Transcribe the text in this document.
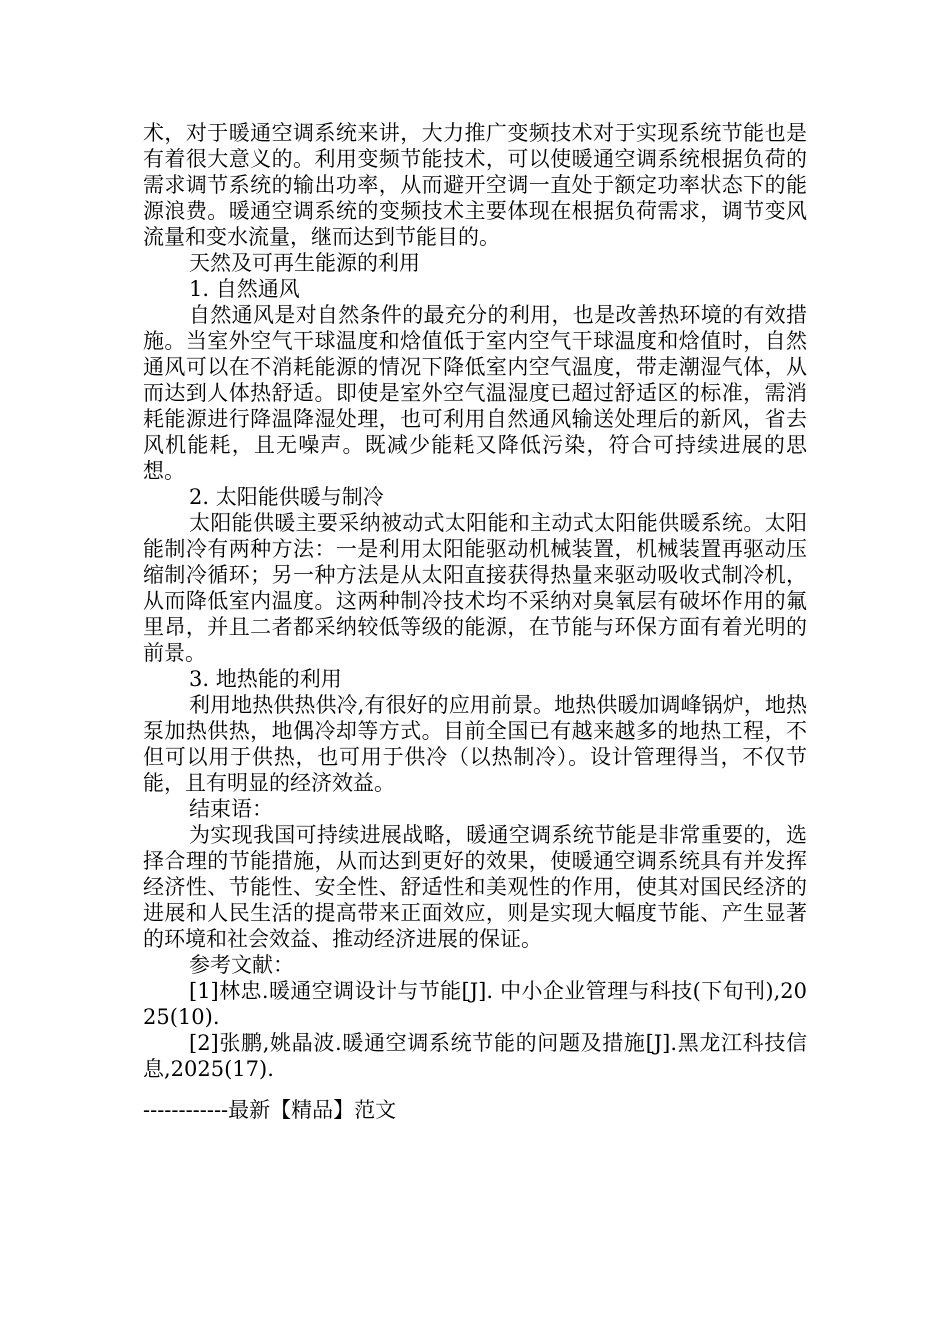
术，对于暖通空调系统来讲，大力推广变频技术对于实现系统节能也是有着很大意义的。利用变频节能技术，可以使暖通空调系统根据负荷的需求调节系统的输出功率，从而避开空调一直处于额定功率状态下的能源浪费。暖通空调系统的变频技术主要体现在根据负荷需求，调节变风流量和变水流量，继而达到节能目的。

天然及可再生能源的利用

1. 自然通风

自然通风是对自然条件的最充分的利用，也是改善热环境的有效措施。当室外空气干球温度和焓值低于室内空气干球温度和焓值时，自然通风可以在不消耗能源的情况下降低室内空气温度，带走潮湿气体，从而达到人体热舒适。即使是室外空气温湿度已超过舒适区的标准，需消耗能源进行降温降湿处理，也可利用自然通风输送处理后的新风，省去风机能耗，且无噪声。既减少能耗又降低污染，符合可持续进展的思想。

2. 太阳能供暖与制冷

太阳能供暖主要采纳被动式太阳能和主动式太阳能供暖系统。太阳能制冷有两种方法：一是利用太阳能驱动机械装置，机械装置再驱动压缩制冷循环；另一种方法是从太阳直接获得热量来驱动吸收式制冷机，从而降低室内温度。这两种制冷技术均不采纳对臭氧层有破坏作用的氟里昂，并且二者都采纳较低等级的能源，在节能与环保方面有着光明的前景。

3. 地热能的利用

利用地热供热供冷,有很好的应用前景。地热供暖加调峰锅炉，地热泵加热供热，地偶冷却等方式。目前全国已有越来越多的地热工程，不但可以用于供热，也可用于供冷（以热制冷）。设计管理得当，不仅节能，且有明显的经济效益。

结束语：

为实现我国可持续进展战略，暖通空调系统节能是非常重要的，选择合理的节能措施，从而达到更好的效果，使暖通空调系统具有并发挥经济性、节能性、安全性、舒适性和美观性的作用，使其对国民经济的进展和人民生活的提高带来正面效应，则是实现大幅度节能、产生显著的环境和社会效益、推动经济进展的保证。

参考文献：

[1]林忠.暖通空调设计与节能[J]. 中小企业管理与科技(下旬刊),2025(10).

[2]张鹏,姚晶波.暖通空调系统节能的问题及措施[J].黑龙江科技信息,2025(17).

------------最新【精品】范文
